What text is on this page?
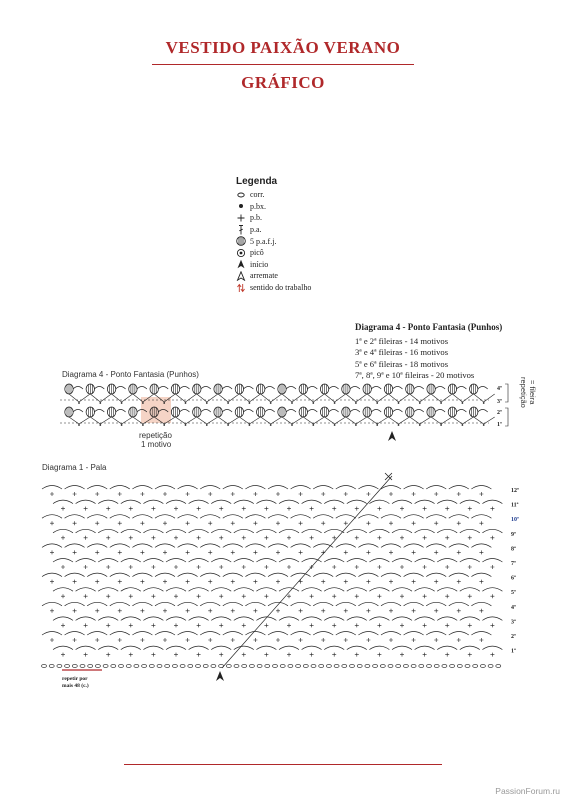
VESTIDO PAIXÃO VERANO
GRÁFICO
Legenda
corr.
p.bx.
p.b.
p.a.
5 p.a.f.j.
picô
início
arremate
sentido do trabalho
Diagrama 4 - Ponto Fantasia (Punhos)
1ª e 2ª fileiras - 14 motivos
3ª e 4ª fileiras - 16 motivos
5ª e 6ª fileiras - 18 motivos
7ª, 8ª, 9ª e 10ª fileiras - 20 motivos
Diagrama 4 - Ponto Fantasia (Punhos)
repetição
1 motivo
4ª
3ª
2ª
1ª
repetição = fileira
Diagrama 1 - Pala
12ª
11ª
10ª
9ª
8ª
7ª
6ª
5ª
4ª
3ª
2ª
1ª
repetir por
mais 48 (c.)
PassionForum.ru
